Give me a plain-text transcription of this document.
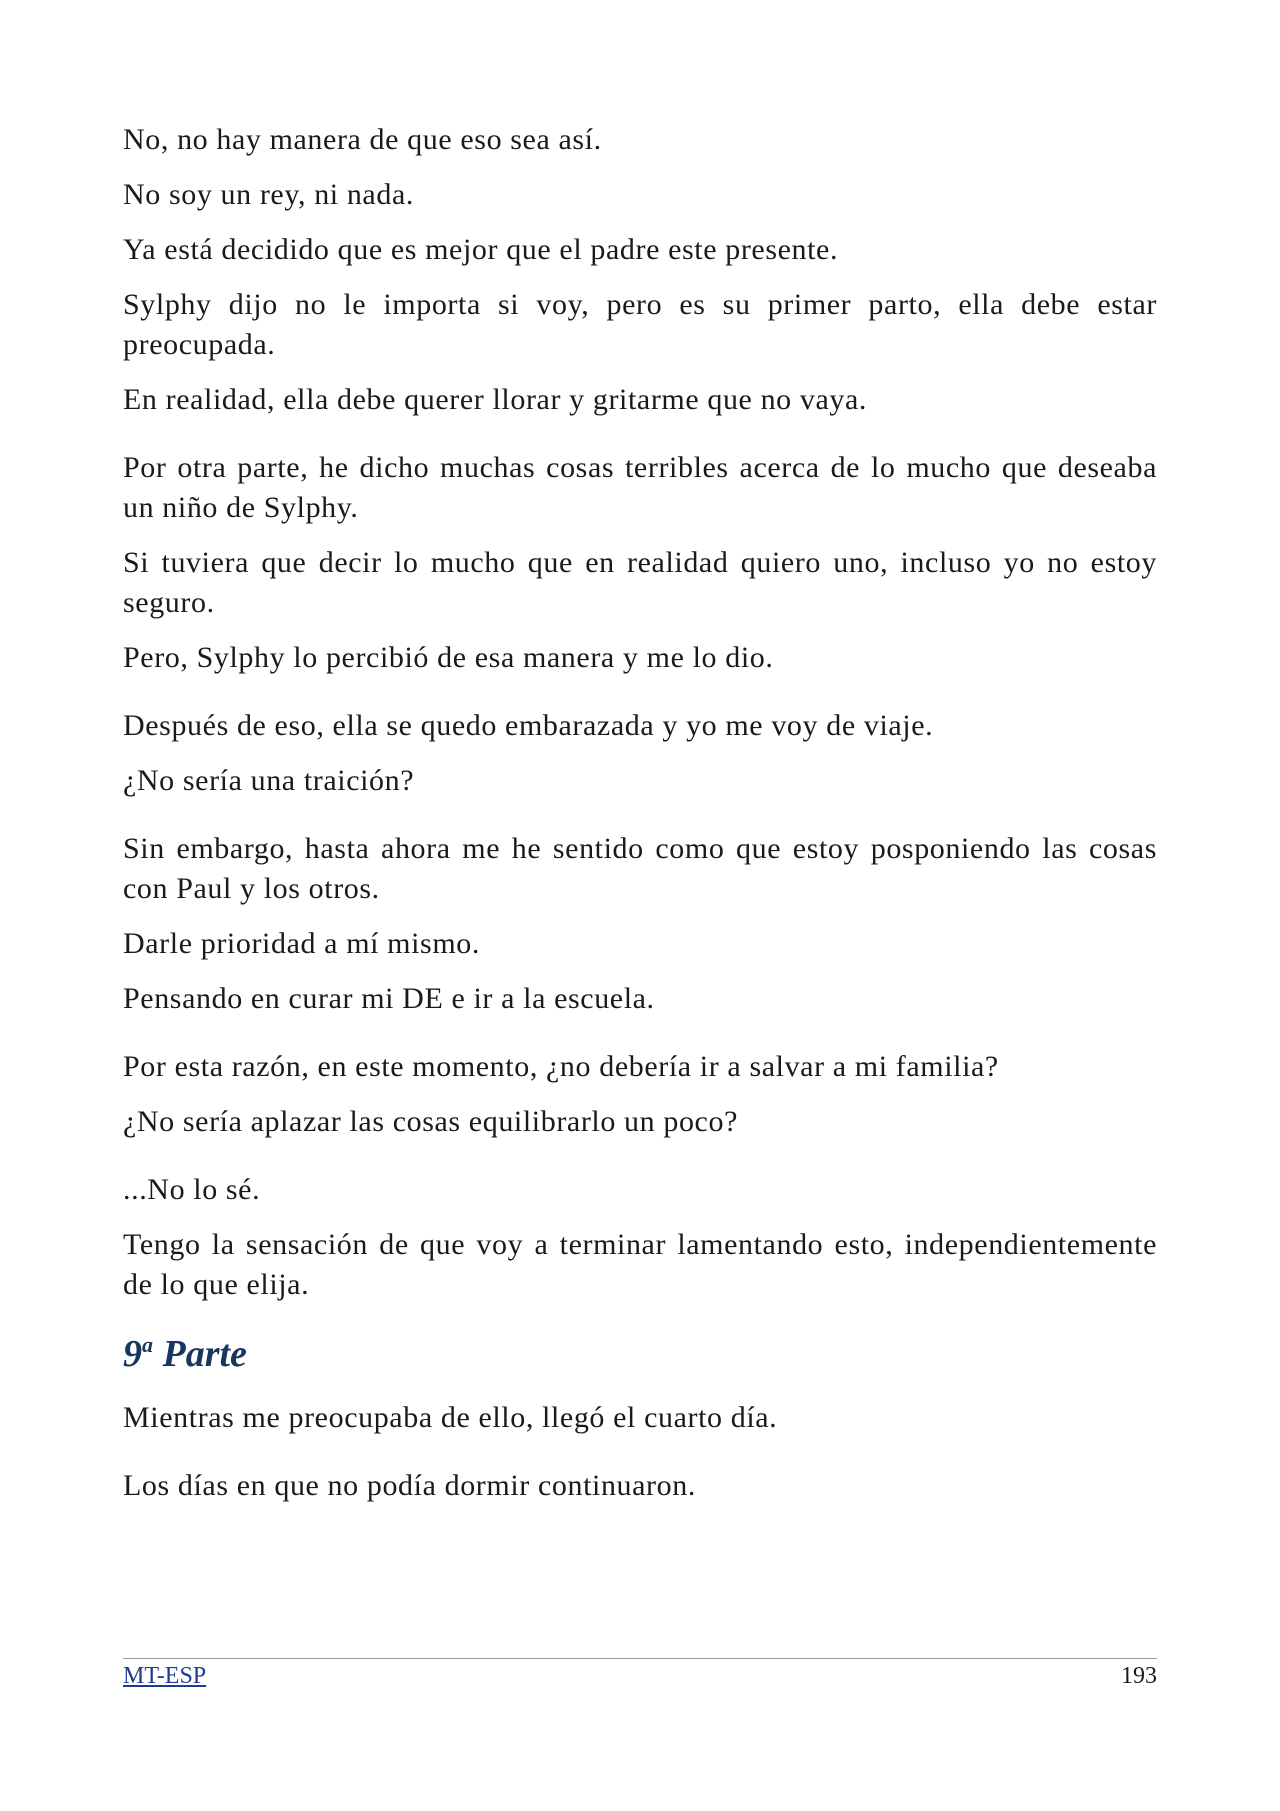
No, no hay manera de que eso sea así.

No soy un rey, ni nada.

Ya está decidido que es mejor que el padre este presente.

Sylphy dijo no le importa si voy, pero es su primer parto, ella debe estar preocupada.

En realidad, ella debe querer llorar y gritarme que no vaya.

Por otra parte, he dicho muchas cosas terribles acerca de lo mucho que deseaba un niño de Sylphy.

Si tuviera que decir lo mucho que en realidad quiero uno, incluso yo no estoy seguro.

Pero, Sylphy lo percibió de esa manera y me lo dio.

Después de eso, ella se quedo embarazada y yo me voy de viaje.

¿No sería una traición?

Sin embargo, hasta ahora me he sentido como que estoy posponiendo las cosas con Paul y los otros.

Darle prioridad a mí mismo.

Pensando en curar mi DE e ir a la escuela.

Por esta razón, en este momento, ¿no debería ir a salvar a mi familia?

¿No sería aplazar las cosas equilibrarlo un poco?

...No lo sé.

Tengo la sensación de que voy a terminar lamentando esto, independientemente de lo que elija.

9$^a$ Parte

Mientras me preocupaba de ello, llegó el cuarto día.

Los días en que no podía dormir continuaron.

MT-ESP	193
